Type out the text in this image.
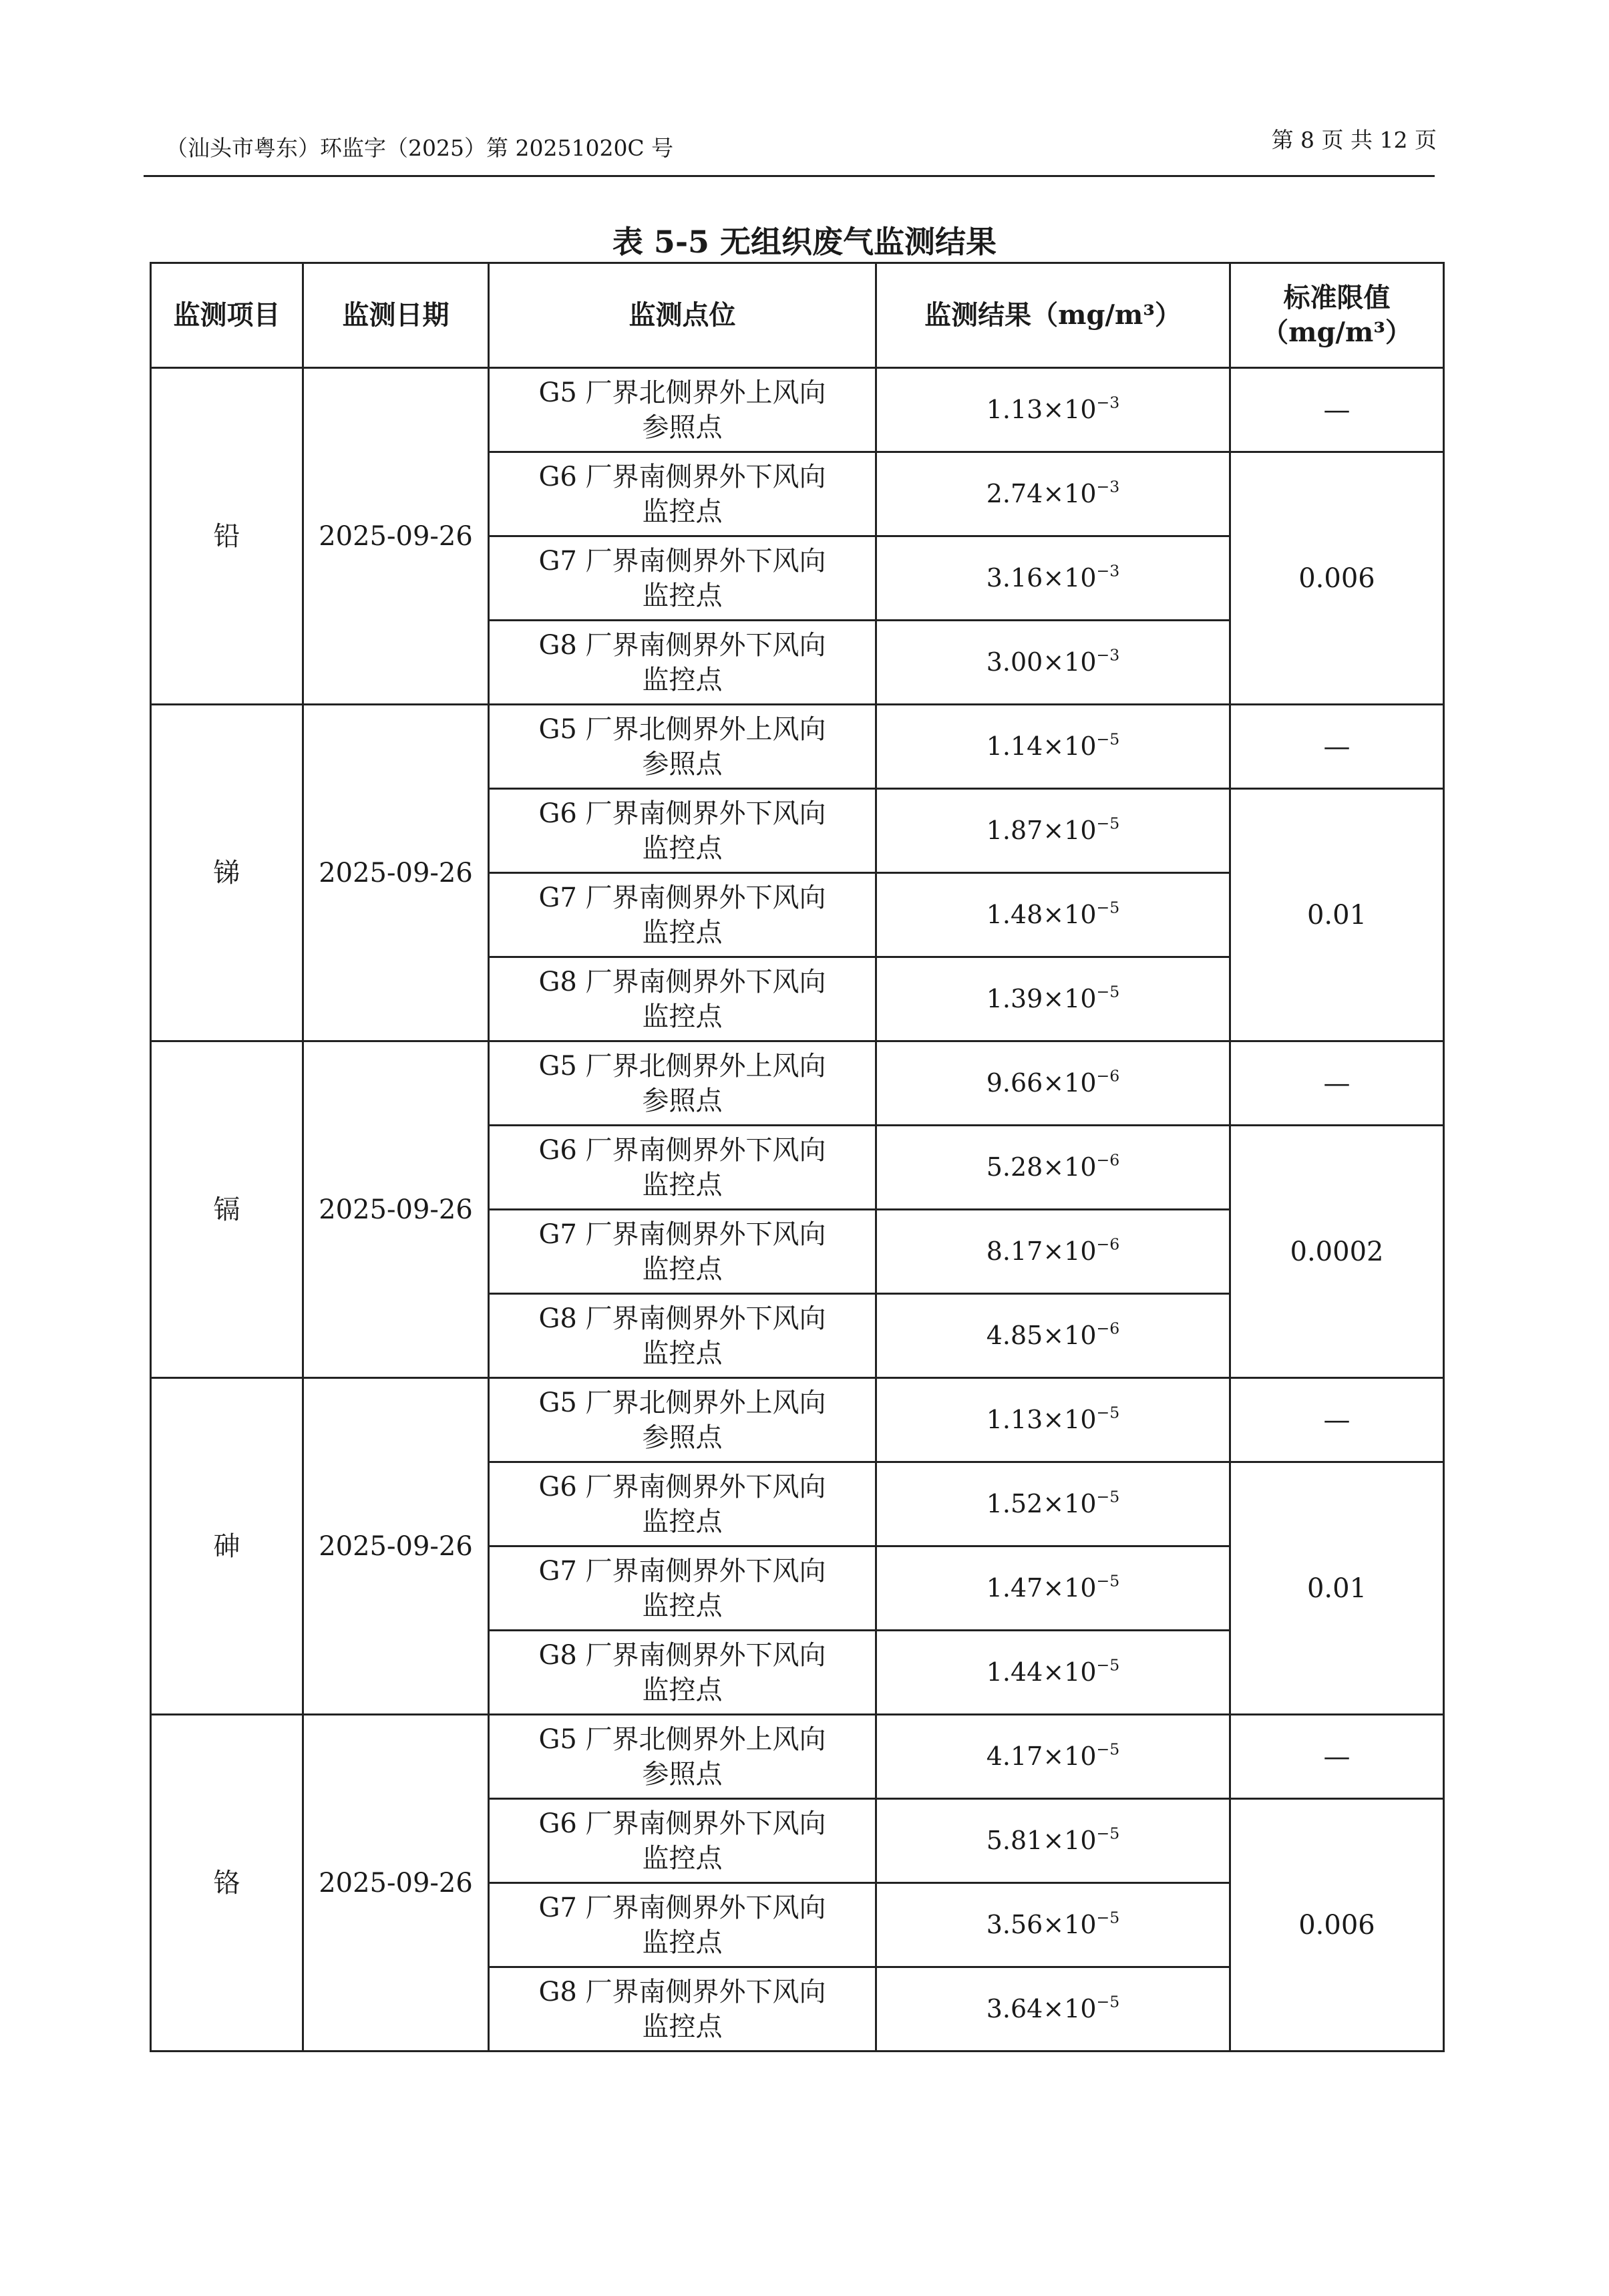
（汕头市粤东）环监字（2025）第 20251020C 号	第 8 页 共 12 页
表 5-5 无组织废气监测结果
监测项目	监测日期	监测点位	监测结果（mg/m³）	标准限值
（mg/m³）
铅	2025-09-26	G5 厂界北侧界外上风向
参照点	$1.13\times 10^{-3}$	—
		G6 厂界南侧界外下风向
监控点	$2.74\times 10^{-3}$	0.006
		G7 厂界南侧界外下风向
监控点	$3.16\times 10^{-3}$
		G8 厂界南侧界外下风向
监控点	$3.00\times 10^{-3}$
锑	2025-09-26	G5 厂界北侧界外上风向
参照点	$1.14\times 10^{-5}$	—
		G6 厂界南侧界外下风向
监控点	$1.87\times 10^{-5}$	0.01
		G7 厂界南侧界外下风向
监控点	$1.48\times 10^{-5}$
		G8 厂界南侧界外下风向
监控点	$1.39\times 10^{-5}$
镉	2025-09-26	G5 厂界北侧界外上风向
参照点	$9.66\times 10^{-6}$	—
		G6 厂界南侧界外下风向
监控点	$5.28\times 10^{-6}$	0.0002
		G7 厂界南侧界外下风向
监控点	$8.17\times 10^{-6}$
		G8 厂界南侧界外下风向
监控点	$4.85\times 10^{-6}$
砷	2025-09-26	G5 厂界北侧界外上风向
参照点	$1.13\times 10^{-5}$	—
		G6 厂界南侧界外下风向
监控点	$1.52\times 10^{-5}$	0.01
		G7 厂界南侧界外下风向
监控点	$1.47\times 10^{-5}$
		G8 厂界南侧界外下风向
监控点	$1.44\times 10^{-5}$
铬	2025-09-26	G5 厂界北侧界外上风向
参照点	$4.17\times 10^{-5}$	—
		G6 厂界南侧界外下风向
监控点	$5.81\times 10^{-5}$	0.006
		G7 厂界南侧界外下风向
监控点	$3.56\times 10^{-5}$
		G8 厂界南侧界外下风向
监控点	$3.64\times 10^{-5}$
